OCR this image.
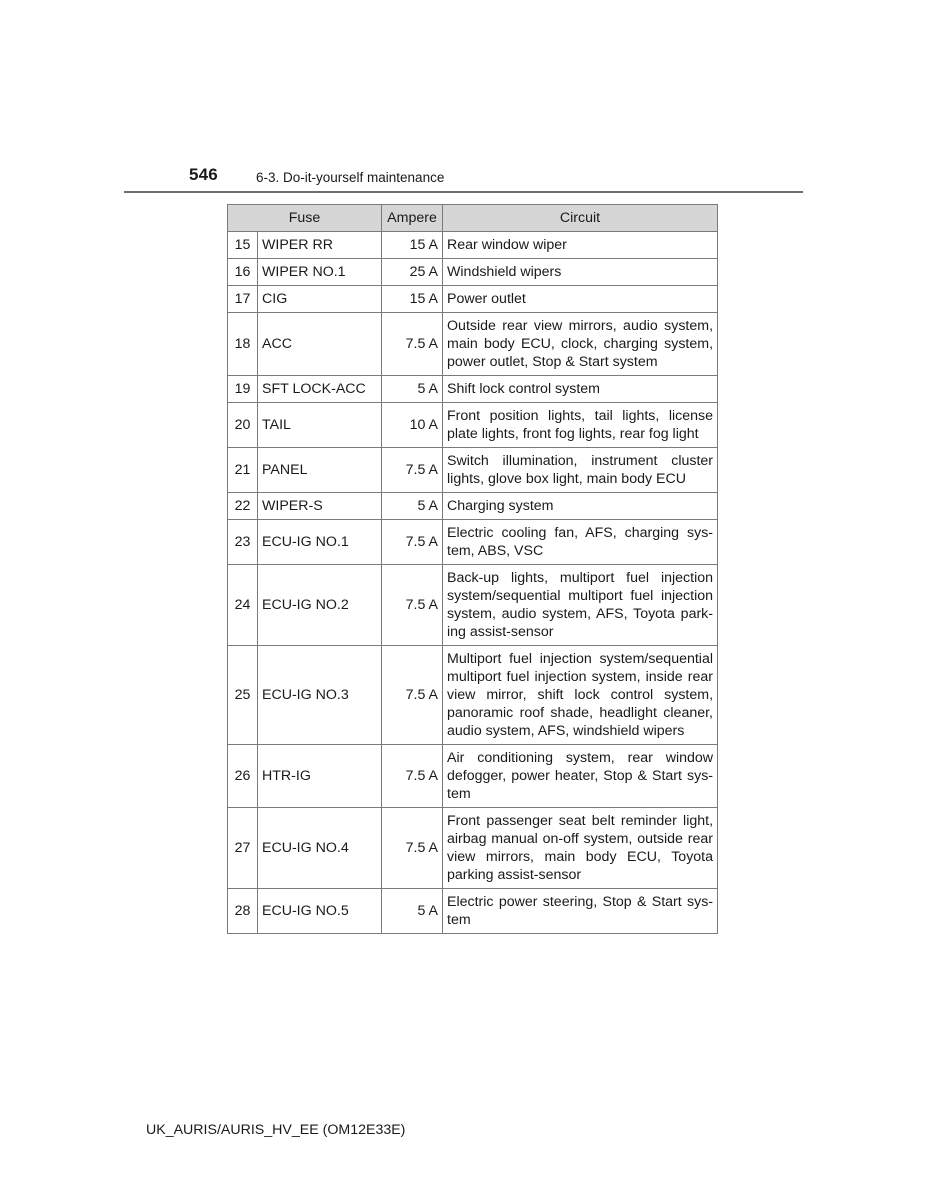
546	6-3. Do-it-yourself maintenance
Fuse		Ampere	Circuit
15	WIPER RR	15 A	Rear window wiper
16	WIPER NO.1	25 A	Windshield wipers
17	CIG	15 A	Power outlet
18	ACC	7.5 A	Outside rear view mirrors, audio system, main body ECU, clock, charging system, power outlet, Stop & Start system
19	SFT LOCK-ACC	5 A	Shift lock control system
20	TAIL	10 A	Front position lights, tail lights, license plate lights, front fog lights, rear fog light
21	PANEL	7.5 A	Switch illumination, instrument cluster lights, glove box light, main body ECU
22	WIPER-S	5 A	Charging system
23	ECU-IG NO.1	7.5 A	Electric cooling fan, AFS, charging sys-tem, ABS, VSC
24	ECU-IG NO.2	7.5 A	Back-up lights, multiport fuel injection system/sequential multiport fuel injection system, audio system, AFS, Toyota park-ing assist-sensor
25	ECU-IG NO.3	7.5 A	Multiport fuel injection system/sequential multiport fuel injection system, inside rear view mirror, shift lock control system, panoramic roof shade, headlight cleaner, audio system, AFS, windshield wipers
26	HTR-IG	7.5 A	Air conditioning system, rear window defogger, power heater, Stop & Start sys-tem
27	ECU-IG NO.4	7.5 A	Front passenger seat belt reminder light, airbag manual on-off system, outside rear view mirrors, main body ECU, Toyota parking assist-sensor
28	ECU-IG NO.5	5 A	Electric power steering, Stop & Start sys-tem
UK_AURIS/AURIS_HV_EE (OM12E33E)
